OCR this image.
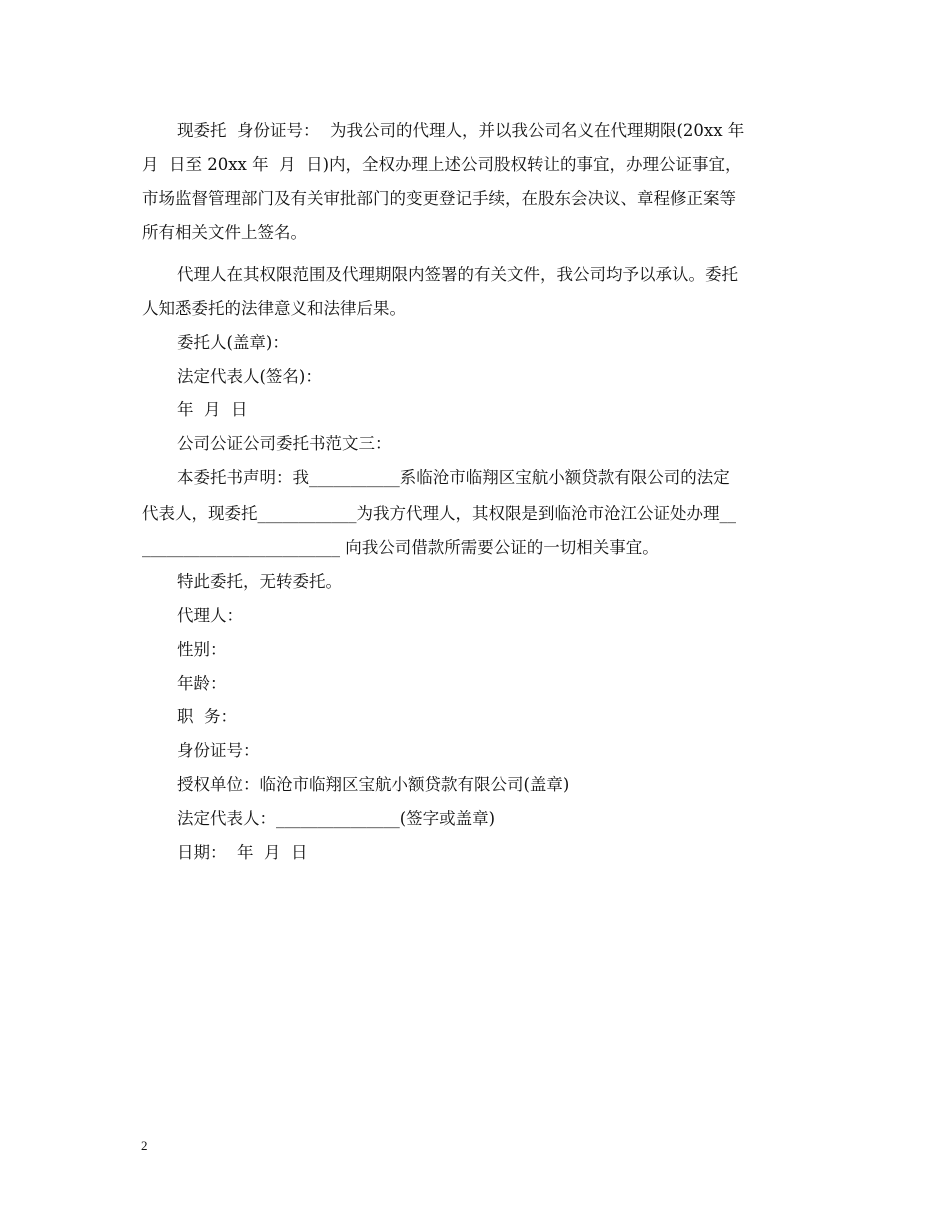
现委托  身份证号：  为我公司的代理人，并以我公司名义在代理期限(20xx 年
月  日至 20xx 年  月  日)内，全权办理上述公司股权转让的事宜，办理公证事宜，
市场监督管理部门及有关审批部门的变更登记手续，在股东会决议、章程修正案等
所有相关文件上签名。
代理人在其权限范围及代理期限内签署的有关文件，我公司均予以承认。委托
人知悉委托的法律意义和法律后果。
委托人(盖章)：
法定代表人(签名)：
年  月  日
公司公证公司委托书范文三：
本委托书声明：我___________系临沧市临翔区宝航小额贷款有限公司的法定
代表人，现委托____________为我方代理人，其权限是到临沧市沧江公证处办理__
________________________ 向我公司借款所需要公证的一切相关事宜。
特此委托，无转委托。
代理人：
性别：
年龄：
职  务：
身份证号：
授权单位：临沧市临翔区宝航小额贷款有限公司(盖章)
法定代表人：_______________(签字或盖章)
日期：  年  月  日
2
